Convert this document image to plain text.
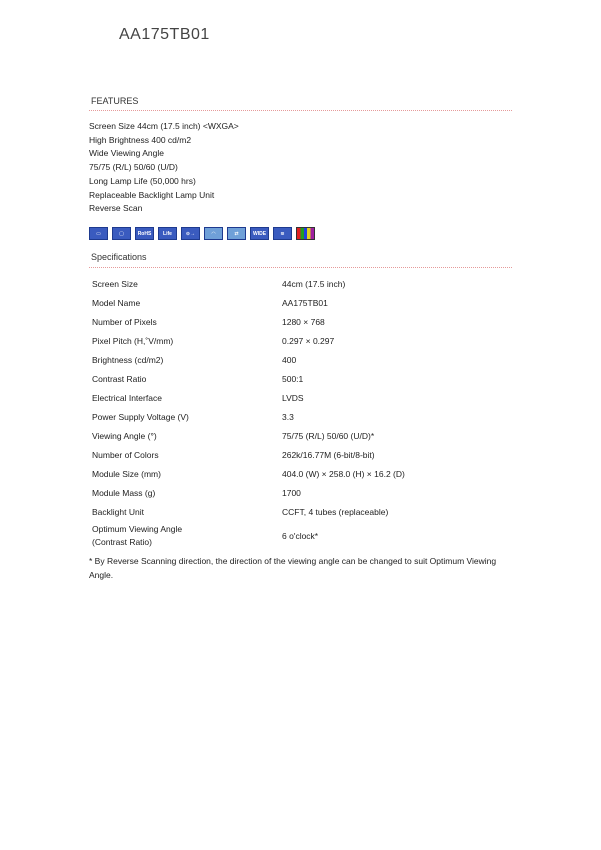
AA175TB01
FEATURES
Screen Size 44cm (17.5 inch) <WXGA>
High Brightness 400 cd/m2
Wide Viewing Angle
75/75 (R/L) 50/60 (U/D)
Long Lamp Life (50,000 hrs)
Replaceable Backlight Lamp Unit
Reverse Scan
▭	▢	RoHS	Life	⊙→	◠	⇄	WIDE	≋
Specifications
Screen Size	44cm (17.5 inch)
Model Name	AA175TB01
Number of Pixels	1280 × 768
Pixel Pitch (H,˚V/mm)	0.297 × 0.297
Brightness (cd/m2)	400
Contrast Ratio	500:1
Electrical Interface	LVDS
Power Supply Voltage (V)	3.3
Viewing Angle (°)	75/75 (R/L) 50/60 (U/D)*
Number of Colors	262k/16.77M (6-bit/8-bit)
Module Size (mm)	404.0 (W) × 258.0 (H) × 16.2 (D)
Module Mass (g)	1700
Backlight Unit	CCFT, 4 tubes (replaceable)
Optimum Viewing Angle
(Contrast Ratio)	6 o'clock*
* By Reverse Scanning direction, the direction of the viewing angle can be changed to suit Optimum Viewing Angle.
